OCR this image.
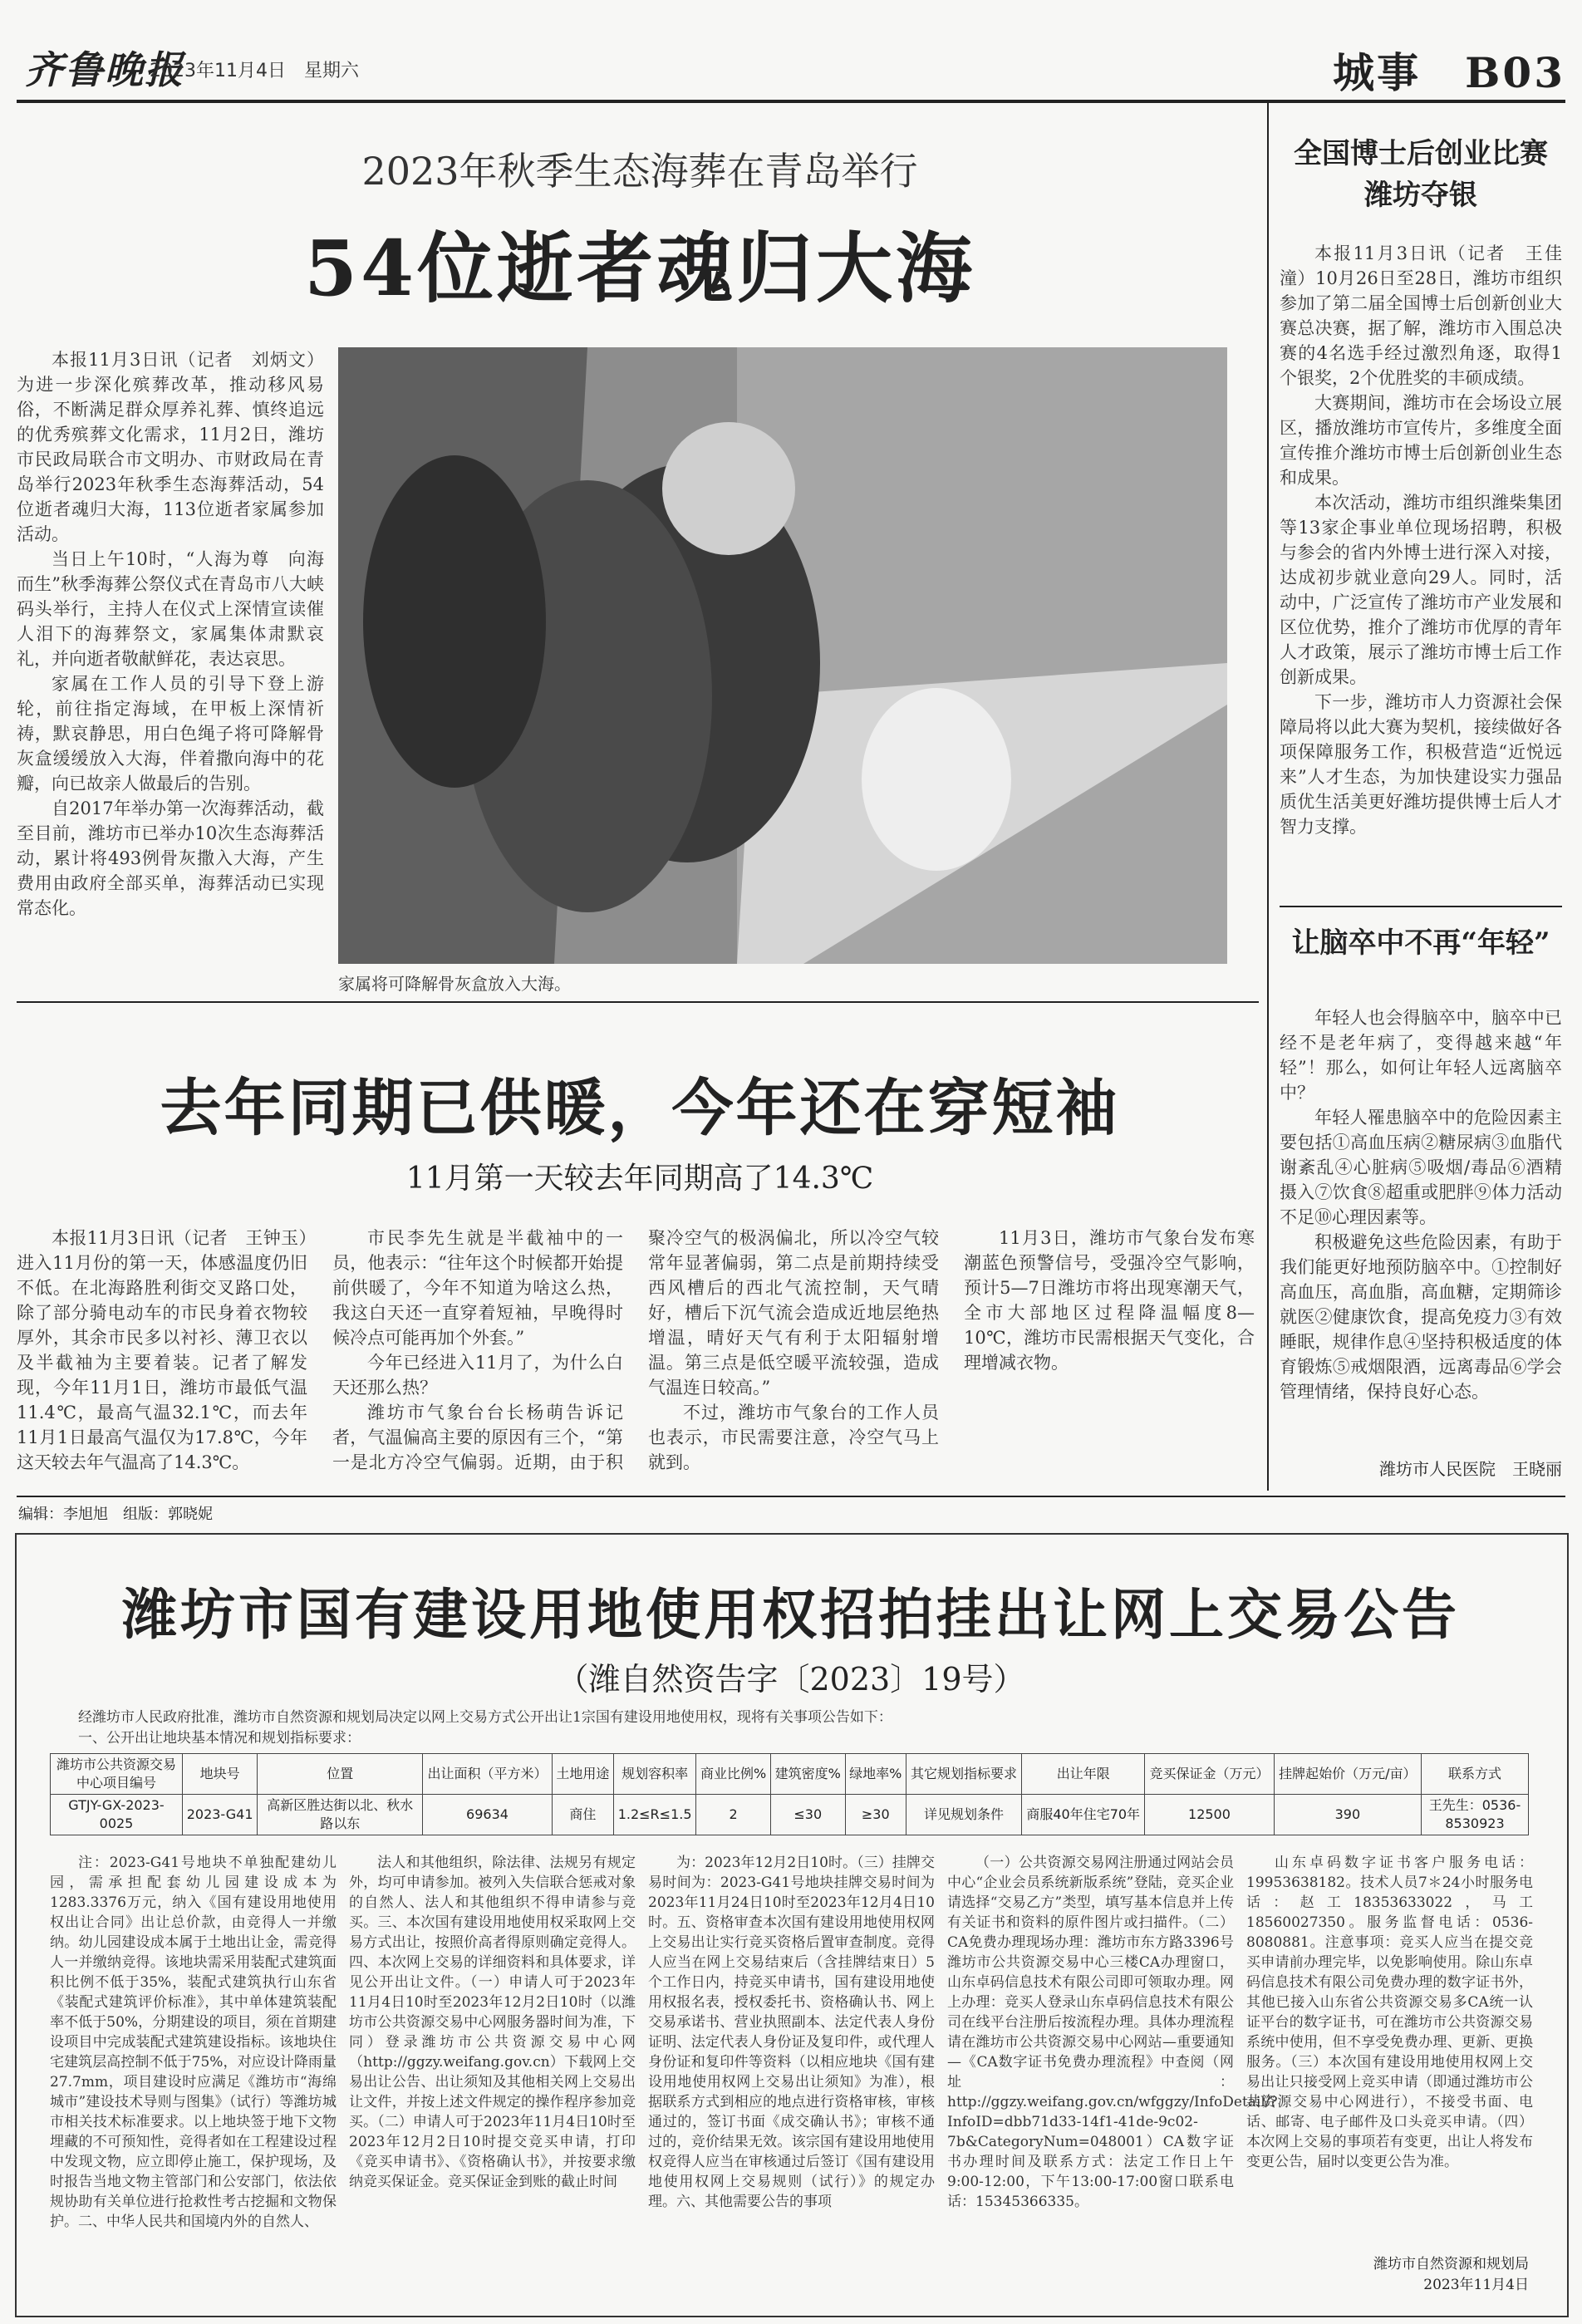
齐鲁晚报
2023年11月4日　星期六	城事　B03
2023年秋季生态海葬在青岛举行
54位逝者魂归大海

本报11月3日讯（记者　刘炳文）为进一步深化殡葬改革，推动移风易俗，不断满足群众厚养礼葬、慎终追远的优秀殡葬文化需求，11月2日，潍坊市民政局联合市文明办、市财政局在青岛举行2023年秋季生态海葬活动，54位逝者魂归大海，113位逝者家属参加活动。

当日上午10时，“人海为尊　向海而生”秋季海葬公祭仪式在青岛市八大峡码头举行，主持人在仪式上深情宣读催人泪下的海葬祭文，家属集体肃默哀礼，并向逝者敬献鲜花，表达哀思。

家属在工作人员的引导下登上游轮，前往指定海域，在甲板上深情祈祷，默哀静思，用白色绳子将可降解骨灰盒缓缓放入大海，伴着撒向海中的花瓣，向已故亲人做最后的告别。

自2017年举办第一次海葬活动，截至目前，潍坊市已举办10次生态海葬活动，累计将493例骨灰撒入大海，产生费用由政府全部买单，海葬活动已实现常态化。

家属将可降解骨灰盒放入大海。
去年同期已供暖，今年还在穿短袖
11月第一天较去年同期高了14.3℃

本报11月3日讯（记者　王钟玉）进入11月份的第一天，体感温度仍旧不低。在北海路胜利街交叉路口处，除了部分骑电动车的市民身着衣物较厚外，其余市民多以衬衫、薄卫衣以及半截袖为主要着装。记者了解发现，今年11月1日，潍坊市最低气温11.4℃，最高气温32.1℃，而去年11月1日最高气温仅为17.8℃，今年这天较去年气温高了14.3℃。

市民李先生就是半截袖中的一员，他表示：“往年这个时候都开始提前供暖了，今年不知道为啥这么热，我这白天还一直穿着短袖，早晚得时候冷点可能再加个外套。”

今年已经进入11月了，为什么白天还那么热？

潍坊市气象台台长杨萌告诉记者，气温偏高主要的原因有三个，“第一是北方冷空气偏弱。近期，由于积聚冷空气的极涡偏北，所以冷空气较常年显著偏弱，第二点是前期持续受西风槽后的西北气流控制，天气晴好，槽后下沉气流会造成近地层绝热增温，晴好天气有利于太阳辐射增温。第三点是低空暖平流较强，造成气温连日较高。”

不过，潍坊市气象台的工作人员也表示，市民需要注意，冷空气马上就到。

11月3日，潍坊市气象台发布寒潮蓝色预警信号，受强冷空气影响，预计5—7日潍坊市将出现寒潮天气，全市大部地区过程降温幅度8—10℃，潍坊市民需根据天气变化，合理增减衣物。

全国博士后创业比赛
潍坊夺银

本报11月3日讯（记者　王佳潼）10月26日至28日，潍坊市组织参加了第二届全国博士后创新创业大赛总决赛，据了解，潍坊市入围总决赛的4名选手经过激烈角逐，取得1个银奖，2个优胜奖的丰硕成绩。

大赛期间，潍坊市在会场设立展区，播放潍坊市宣传片，多维度全面宣传推介潍坊市博士后创新创业生态和成果。

本次活动，潍坊市组织潍柴集团等13家企事业单位现场招聘，积极与参会的省内外博士进行深入对接，达成初步就业意向29人。同时，活动中，广泛宣传了潍坊市产业发展和区位优势，推介了潍坊市优厚的青年人才政策，展示了潍坊市博士后工作创新成果。

下一步，潍坊市人力资源社会保障局将以此大赛为契机，接续做好各项保障服务工作，积极营造“近悦远来”人才生态，为加快建设实力强品质优生活美更好潍坊提供博士后人才智力支撑。

让脑卒中不再“年轻”

年轻人也会得脑卒中，脑卒中已经不是老年病了，变得越来越“年轻”！那么，如何让年轻人远离脑卒中？

年轻人罹患脑卒中的危险因素主要包括①高血压病②糖尿病③血脂代谢紊乱④心脏病⑤吸烟/毒品⑥酒精摄入⑦饮食⑧超重或肥胖⑨体力活动不足⑩心理因素等。

积极避免这些危险因素，有助于我们能更好地预防脑卒中。①控制好高血压，高血脂，高血糖，定期筛诊就医②健康饮食，提高免疫力③有效睡眠，规律作息④坚持积极适度的体育锻炼⑤戒烟限酒，远离毒品⑥学会管理情绪，保持良好心态。

潍坊市人民医院　王晓丽
编辑：李旭旭　组版：郭晓妮
潍坊市国有建设用地使用权招拍挂出让网上交易公告
（潍自然资告字〔2023〕19号）
经潍坊市人民政府批准，潍坊市自然资源和规划局决定以网上交易方式公开出让1宗国有建设用地使用权，现将有关事项公告如下：
一、公开出让地块基本情况和规划指标要求：
潍坊市公共资源交易中心项目编号	地块号	位置	出让面积（平方米）	土地用途	规划容积率	商业比例%	建筑密度%	绿地率%	其它规划指标要求	出让年限	竞买保证金（万元）	挂牌起始价（万元/亩）	联系方式
GTJY-GX-2023-0025	2023-G41	高新区胜达街以北、秋水路以东	69634	商住	1.2≤R≤1.5	2	≤30	≥30	详见规划条件	商服40年住宅70年	12500	390	王先生：0536-8530923

注：2023-G41号地块不单独配建幼儿园，需承担配套幼儿园建设成本为1283.3376万元，纳入《国有建设用地使用权出让合同》出让总价款，由竞得人一并缴纳。幼儿园建设成本属于土地出让金，需竞得人一并缴纳竞得。该地块需采用装配式建筑面积比例不低于35%，装配式建筑执行山东省《装配式建筑评价标准》，其中单体建筑装配率不低于50%，分期建设的项目，须在首期建设项目中完成装配式建筑建设指标。该地块住宅建筑层高控制不低于75%，对应设计降雨量27.7mm，项目建设时应满足《潍坊市“海绵城市”建设技术导则与图集》（试行）等潍坊城市相关技术标准要求。以上地块签于地下文物埋藏的不可预知性，竞得者如在工程建设过程中发现文物，应立即停止施工，保护现场，及时报告当地文物主管部门和公安部门，依法依规协助有关单位进行抢救性考古挖掘和文物保护。二、中华人民共和国境内外的自然人、

法人和其他组织，除法律、法规另有规定外，均可申请参加。被列入失信联合惩戒对象的自然人、法人和其他组织不得申请参与竞买。三、本次国有建设用地使用权采取网上交易方式出让，按照价高者得原则确定竞得人。四、本次网上交易的详细资料和具体要求，详见公开出让文件。（一）申请人可于2023年11月4日10时至2023年12月2日10时（以潍坊市公共资源交易中心网服务器时间为准，下同）登录潍坊市公共资源交易中心网（http://ggzy.weifang.gov.cn）下载网上交易出让公告、出让须知及其他相关网上交易出让文件，并按上述文件规定的操作程序参加竞买。（二）申请人可于2023年11月4日10时至2023年12月2日10时提交竞买申请，打印《竞买申请书》、《资格确认书》，并按要求缴纳竞买保证金。竞买保证金到账的截止时间

为：2023年12月2日10时。（三）挂牌交易时间为：2023-G41号地块挂牌交易时间为2023年11月24日10时至2023年12月4日10时。五、资格审查本次国有建设用地使用权网上交易出让实行竞买资格后置审查制度。竞得人应当在网上交易结束后（含挂牌结束日）5个工作日内，持竞买申请书，国有建设用地使用权报名表，授权委托书、资格确认书、网上交易承诺书、营业执照副本、法定代表人身份证明、法定代表人身份证及复印件，或代理人身份证和复印件等资料（以相应地块《国有建设用地使用权网上交易出让须知》为准），根据联系方式到相应的地点进行资格审核，审核通过的，签订书面《成交确认书》；审核不通过的，竞价结果无效。该宗国有建设用地使用权竞得人应当在审核通过后签订《国有建设用地使用权网上交易规则（试行）》的规定办理。六、其他需要公告的事项

（一）公共资源交易网注册通过网站会员中心“企业会员系统新版系统”登陆，竞买企业请选择“交易乙方”类型，填写基本信息并上传有关证书和资料的原件图片或扫描件。（二）CA免费办理现场办理：潍坊市东方路3396号潍坊市公共资源交易中心三楼CA办理窗口，山东卓码信息技术有限公司即可领取办理。网上办理：竞买人登录山东卓码信息技术有限公司在线平台注册后按流程办理。具体办理流程请在潍坊市公共资源交易中心网站—重要通知—《CA数字证书免费办理流程》中查阅（网址：http://ggzy.weifang.gov.cn/wfggzy/InfoDetail/?InfoID=dbb71d33-14f1-41de-9c02-7b&CategoryNum=048001）CA数字证书办理时间及联系方式：法定工作日上午9:00-12:00，下午13:00-17:00窗口联系电话：15345366335。

山东卓码数字证书客户服务电话：19953638182。技术人员7＊24小时服务电话：赵工18353633022，马工18560027350。服务监督电话：0536-8080881。注意事项：竞买人应当在提交竞买申请前办理完毕，以免影响使用。除山东卓码信息技术有限公司免费办理的数字证书外，其他已接入山东省公共资源交易多CA统一认证平台的数字证书，可在潍坊市公共资源交易系统中使用，但不享受免费办理、更新、更换服务。（三）本次国有建设用地使用权网上交易出让只接受网上竞买申请（即通过潍坊市公共资源交易中心网进行），不接受书面、电话、邮寄、电子邮件及口头竞买申请。（四）本次网上交易的事项若有变更，出让人将发布变更公告，届时以变更公告为准。

潍坊市自然资源和规划局
2023年11月4日
